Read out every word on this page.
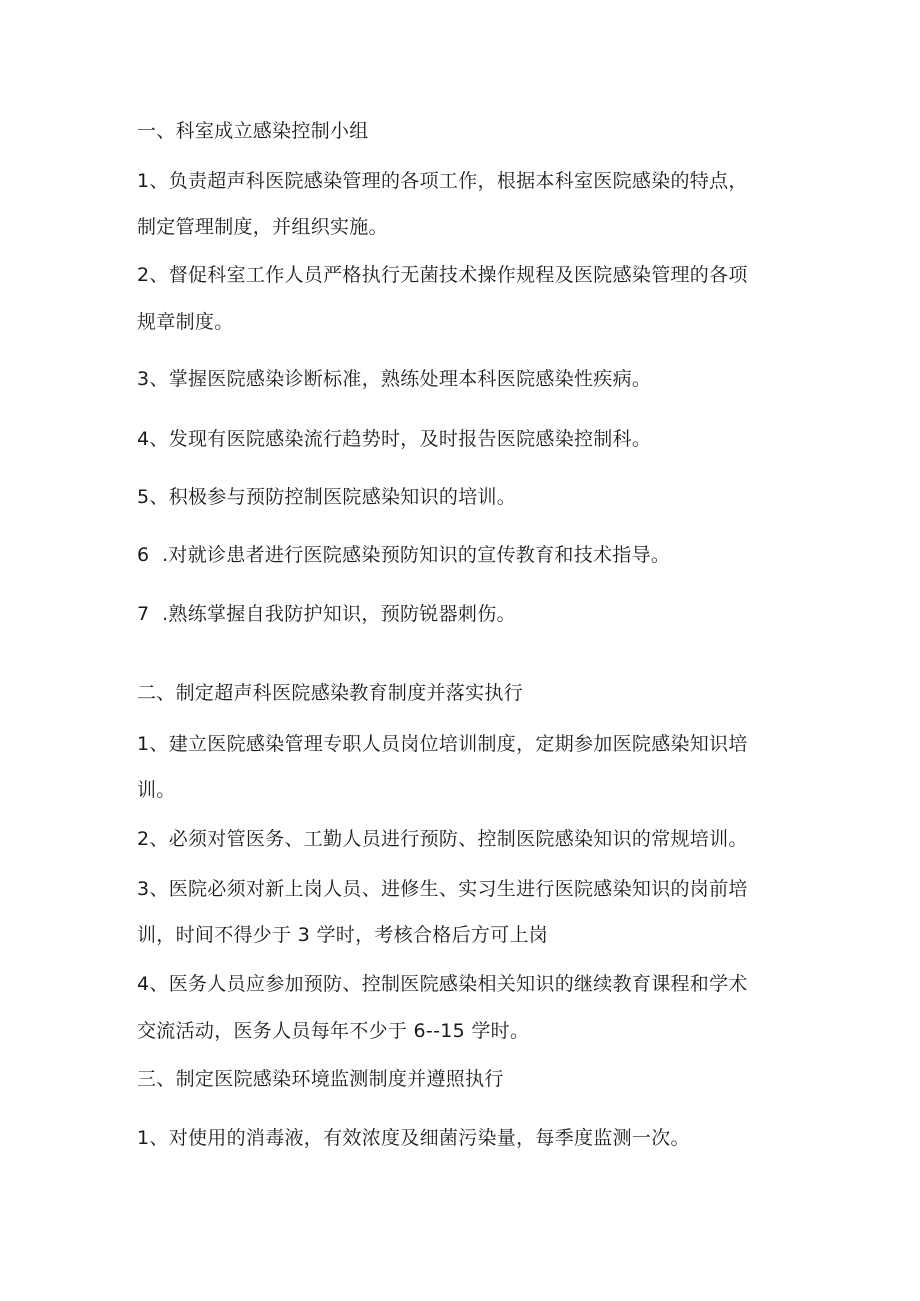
一、科室成立感染控制小组

1、负责超声科医院感染管理的各项工作，根据本科室医院感染的特点，

制定管理制度，并组织实施。

2、督促科室工作人员严格执行无菌技术操作规程及医院感染管理的各项

规章制度。

3、掌握医院感染诊断标准，熟练处理本科医院感染性疾病。

4、发现有医院感染流行趋势时，及时报告医院感染控制科。

5、积极参与预防控制医院感染知识的培训。

6  .对就诊患者进行医院感染预防知识的宣传教育和技术指导。

7  .熟练掌握自我防护知识，预防锐器刺伤。

二、制定超声科医院感染教育制度并落实执行

1、建立医院感染管理专职人员岗位培训制度，定期参加医院感染知识培

训。

2、必须对管医务、工勤人员进行预防、控制医院感染知识的常规培训。

3、医院必须对新上岗人员、进修生、实习生进行医院感染知识的岗前培

训，时间不得少于 3 学时，考核合格后方可上岗

4、医务人员应参加预防、控制医院感染相关知识的继续教育课程和学术

交流活动，医务人员每年不少于 6--15 学时。

三、制定医院感染环境监测制度并遵照执行

1、对使用的消毒液，有效浓度及细菌污染量，每季度监测一次。
